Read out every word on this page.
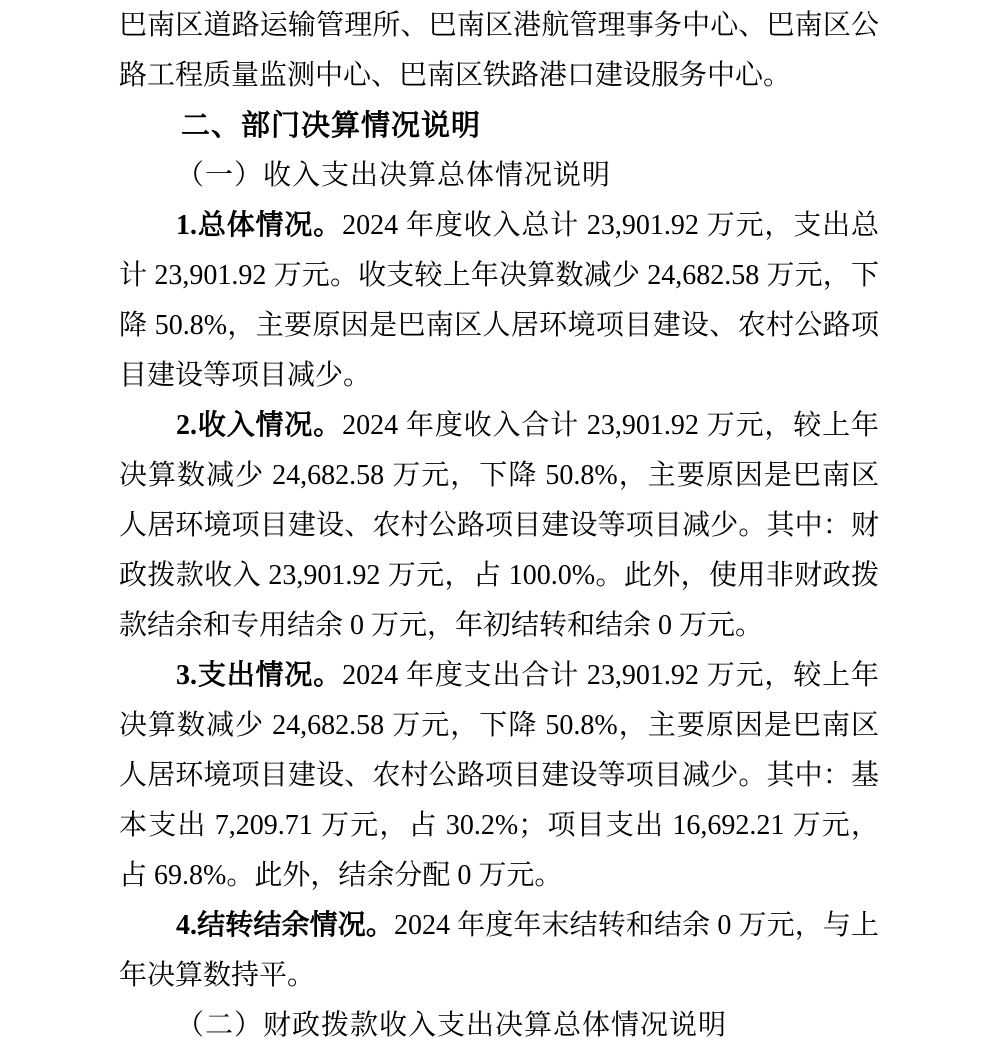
巴南区道路运输管理所、巴南区港航管理事务中心、巴南区公路工程质量监测中心、巴南区铁路港口建设服务中心。

二、部门决算情况说明

（一）收入支出决算总体情况说明

1.总体情况。2024 年度收入总计 23,901.92 万元，支出总计 23,901.92 万元。收支较上年决算数减少 24,682.58 万元，下降 50.8%，主要原因是巴南区人居环境项目建设、农村公路项目建设等项目减少。

2.收入情况。2024 年度收入合计 23,901.92 万元，较上年决算数减少 24,682.58 万元，下降 50.8%，主要原因是巴南区人居环境项目建设、农村公路项目建设等项目减少。其中：财政拨款收入 23,901.92 万元，占 100.0%。此外，使用非财政拨款结余和专用结余 0 万元，年初结转和结余 0 万元。

3.支出情况。2024 年度支出合计 23,901.92 万元，较上年决算数减少 24,682.58 万元，下降 50.8%，主要原因是巴南区人居环境项目建设、农村公路项目建设等项目减少。其中：基本支出 7,209.71 万元，占 30.2%；项目支出 16,692.21 万元，占 69.8%。此外，结余分配 0 万元。

4.结转结余情况。2024 年度年末结转和结余 0 万元，与上年决算数持平。

（二）财政拨款收入支出决算总体情况说明
